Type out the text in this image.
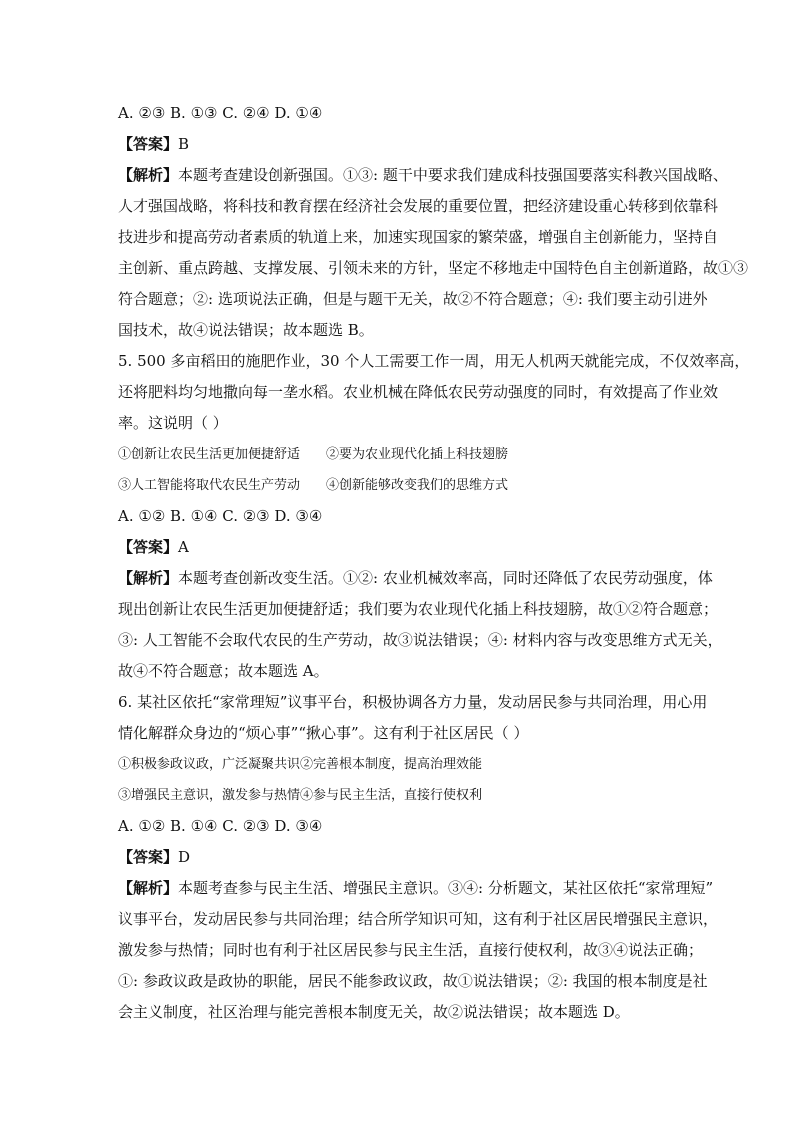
A. ②③ B. ①③ C. ②④ D. ①④
【答案】B
【解析】本题考查建设创新强国。①③: 题干中要求我们建成科技强国要落实科教兴国战略、
人才强国战略，将科技和教育摆在经济社会发展的重要位置，把经济建设重心转移到依靠科
技进步和提高劳动者素质的轨道上来，加速实现国家的繁荣盛，增强自主创新能力，坚持自
主创新、重点跨越、支撑发展、引领未来的方针，坚定不移地走中国特色自主创新道路，故①③
符合题意；②: 选项说法正确，但是与题干无关，故②不符合题意；④: 我们要主动引进外
国技术，故④说法错误；故本题选 B。
5. 500 多亩稻田的施肥作业，30 个人工需要工作一周，用无人机两天就能完成，不仅效率高，
还将肥料均匀地撒向每一垄水稻。农业机械在降低农民劳动强度的同时，有效提高了作业效
率。这说明（ ）
①创新让农民生活更加便捷舒适 ②要为农业现代化插上科技翅膀
③人工智能将取代农民生产劳动 ④创新能够改变我们的思维方式
A. ①② B. ①④ C. ②③ D. ③④
【答案】A
【解析】本题考查创新改变生活。①②: 农业机械效率高，同时还降低了农民劳动强度，体
现出创新让农民生活更加便捷舒适；我们要为农业现代化插上科技翅膀，故①②符合题意；
③: 人工智能不会取代农民的生产劳动，故③说法错误；④: 材料内容与改变思维方式无关，
故④不符合题意；故本题选 A。
6. 某社区依托“家常理短”议事平台，积极协调各方力量，发动居民参与共同治理，用心用
情化解群众身边的“烦心事”“揪心事”。这有利于社区居民（ ）
①积极参政议政，广泛凝聚共识②完善根本制度，提高治理效能
③增强民主意识，激发参与热情④参与民主生活，直接行使权利
A. ①② B. ①④ C. ②③ D. ③④
【答案】D
【解析】本题考查参与民主生活、增强民主意识。③④: 分析题文，某社区依托“家常理短”
议事平台，发动居民参与共同治理；结合所学知识可知，这有利于社区居民增强民主意识，
激发参与热情；同时也有利于社区居民参与民主生活，直接行使权利，故③④说法正确；
①: 参政议政是政协的职能，居民不能参政议政，故①说法错误；②: 我国的根本制度是社
会主义制度，社区治理与能完善根本制度无关，故②说法错误；故本题选 D。
